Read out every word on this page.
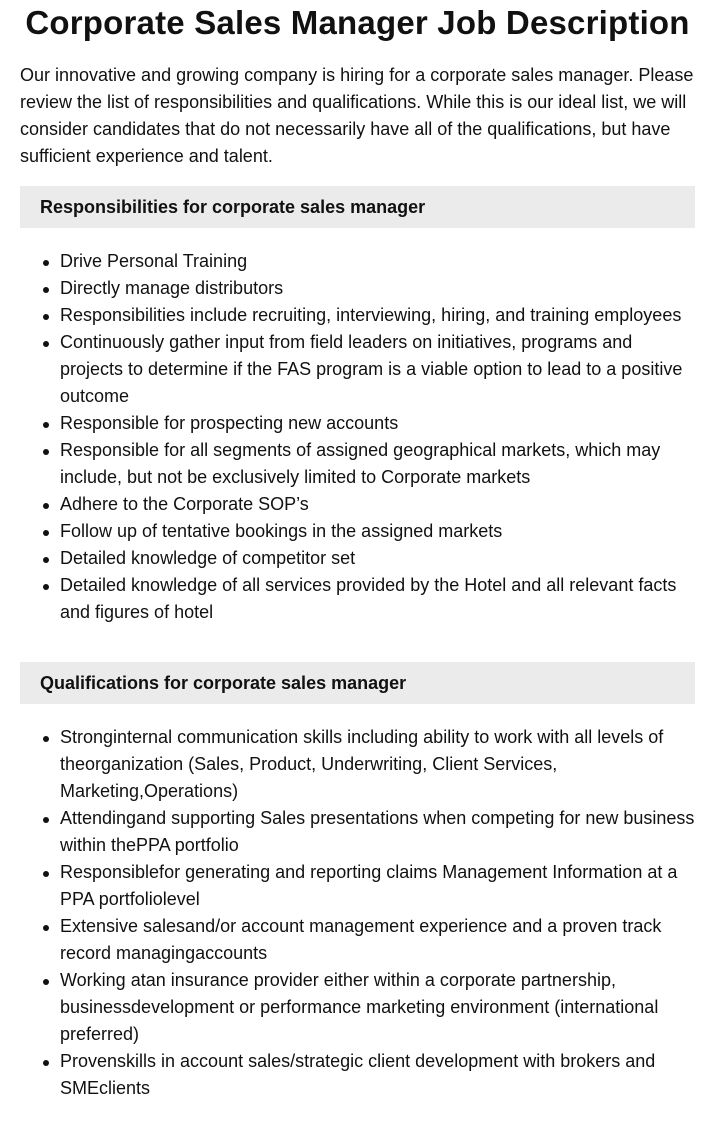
Corporate Sales Manager Job Description

Our innovative and growing company is hiring for a corporate sales manager. Please review the list of responsibilities and qualifications. While this is our ideal list, we will consider candidates that do not necessarily have all of the qualifications, but have sufficient experience and talent.

Responsibilities for corporate sales manager
Drive Personal Training
Directly manage distributors
Responsibilities include recruiting, interviewing, hiring, and training employees
Continuously gather input from field leaders on initiatives, programs and projects to determine if the FAS program is a viable option to lead to a positive outcome
Responsible for prospecting new accounts
Responsible for all segments of assigned geographical markets, which may include, but not be exclusively limited to Corporate markets
Adhere to the Corporate SOP’s
Follow up of tentative bookings in the assigned markets
Detailed knowledge of competitor set
Detailed knowledge of all services provided by the Hotel and all relevant facts and figures of hotel
Qualifications for corporate sales manager
Stronginternal communication skills including ability to work with all levels of theorganization (Sales, Product, Underwriting, Client Services, Marketing,Operations)
Attendingand supporting Sales presentations when competing for new business within thePPA portfolio
Responsiblefor generating and reporting claims Management Information at a PPA portfoliolevel
Extensive salesand/or account management experience and a proven track record managingaccounts
Working atan insurance provider either within a corporate partnership, businessdevelopment or performance marketing environment (international preferred)
Provenskills in account sales/strategic client development with brokers and SMEclients
